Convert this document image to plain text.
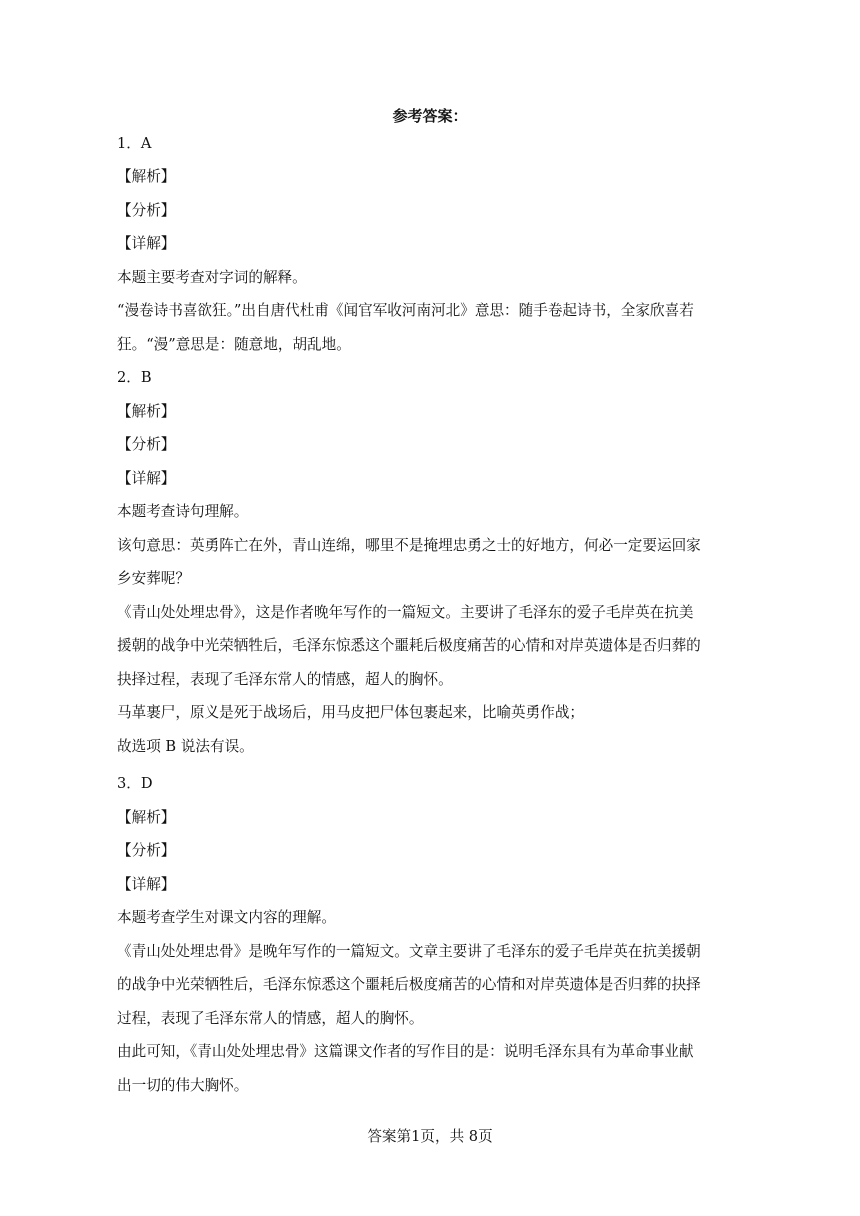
参考答案：
1．A
【解析】
【分析】
【详解】
本题主要考查对字词的解释。
“漫卷诗书喜欲狂。”出自唐代杜甫《闻官军收河南河北》意思：随手卷起诗书，全家欣喜若
狂。“漫”意思是：随意地，胡乱地。
2．B
【解析】
【分析】
【详解】
本题考查诗句理解。
该句意思：英勇阵亡在外，青山连绵，哪里不是掩埋忠勇之士的好地方，何必一定要运回家
乡安葬呢？
《青山处处埋忠骨》，这是作者晚年写作的一篇短文。主要讲了毛泽东的爱子毛岸英在抗美
援朝的战争中光荣牺牲后，毛泽东惊悉这个噩耗后极度痛苦的心情和对岸英遗体是否归葬的
抉择过程，表现了毛泽东常人的情感，超人的胸怀。
马革裹尸，原义是死于战场后，用马皮把尸体包裹起来，比喻英勇作战；
故选项 B 说法有误。
3．D
【解析】
【分析】
【详解】
本题考查学生对课文内容的理解。
《青山处处埋忠骨》是晚年写作的一篇短文。文章主要讲了毛泽东的爱子毛岸英在抗美援朝
的战争中光荣牺牲后，毛泽东惊悉这个噩耗后极度痛苦的心情和对岸英遗体是否归葬的抉择
过程，表现了毛泽东常人的情感，超人的胸怀。
由此可知，《青山处处埋忠骨》这篇课文作者的写作目的是：说明毛泽东具有为革命事业献
出一切的伟大胸怀。
答案第1页，共 8页
